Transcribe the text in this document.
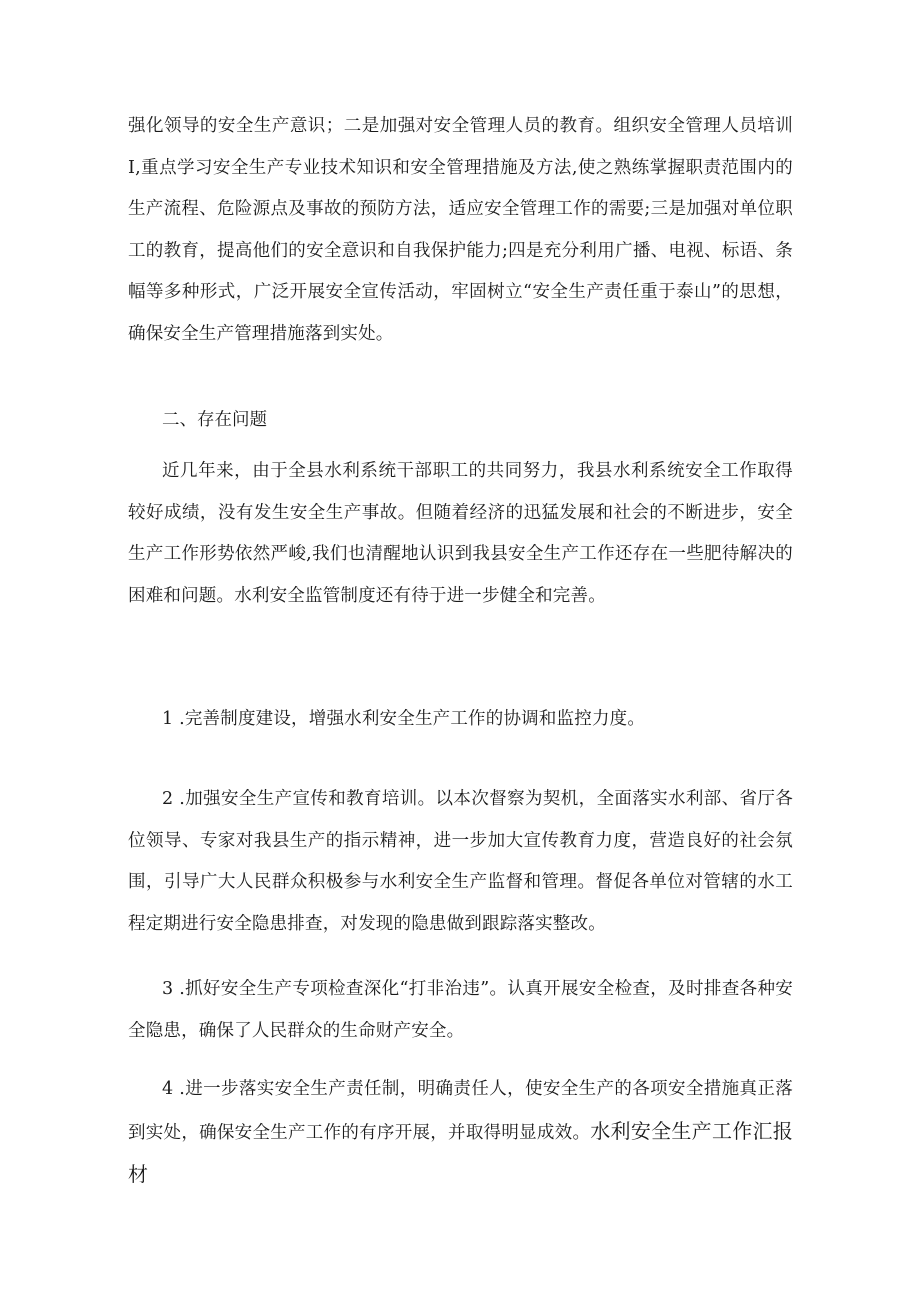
强化领导的安全生产意识；二是加强对安全管理人员的教育。组织安全管理人员培训I,重点学习安全生产专业技术知识和安全管理措施及方法,使之熟练掌握职责范围内的生产流程、危险源点及事故的预防方法，适应安全管理工作的需要;三是加强对单位职工的教育，提高他们的安全意识和自我保护能力;四是充分利用广播、电视、标语、条幅等多种形式，广泛开展安全宣传活动，牢固树立“安全生产责任重于泰山”的思想，确保安全生产管理措施落到实处。

二、存在问题

近几年来，由于全县水利系统干部职工的共同努力，我县水利系统安全工作取得较好成绩，没有发生安全生产事故。但随着经济的迅猛发展和社会的不断进步，安全生产工作形势依然严峻,我们也清醒地认识到我县安全生产工作还存在一些肥待解决的困难和问题。水利安全监管制度还有待于进一步健全和完善。

1 .完善制度建设，增强水利安全生产工作的协调和监控力度。

2 .加强安全生产宣传和教育培训。以本次督察为契机，全面落实水利部、省厅各位领导、专家对我县生产的指示精神，进一步加大宣传教育力度，营造良好的社会氛围，引导广大人民群众积极参与水利安全生产监督和管理。督促各单位对管辖的水工程定期进行安全隐患排查，对发现的隐患做到跟踪落实整改。

3 .抓好安全生产专项检查深化“打非治违”。认真开展安全检查，及时排查各种安全隐患，确保了人民群众的生命财产安全。

4 .进一步落实安全生产责任制，明确责任人，使安全生产的各项安全措施真正落到实处，确保安全生产工作的有序开展，并取得明显成效。水利安全生产工作汇报材
